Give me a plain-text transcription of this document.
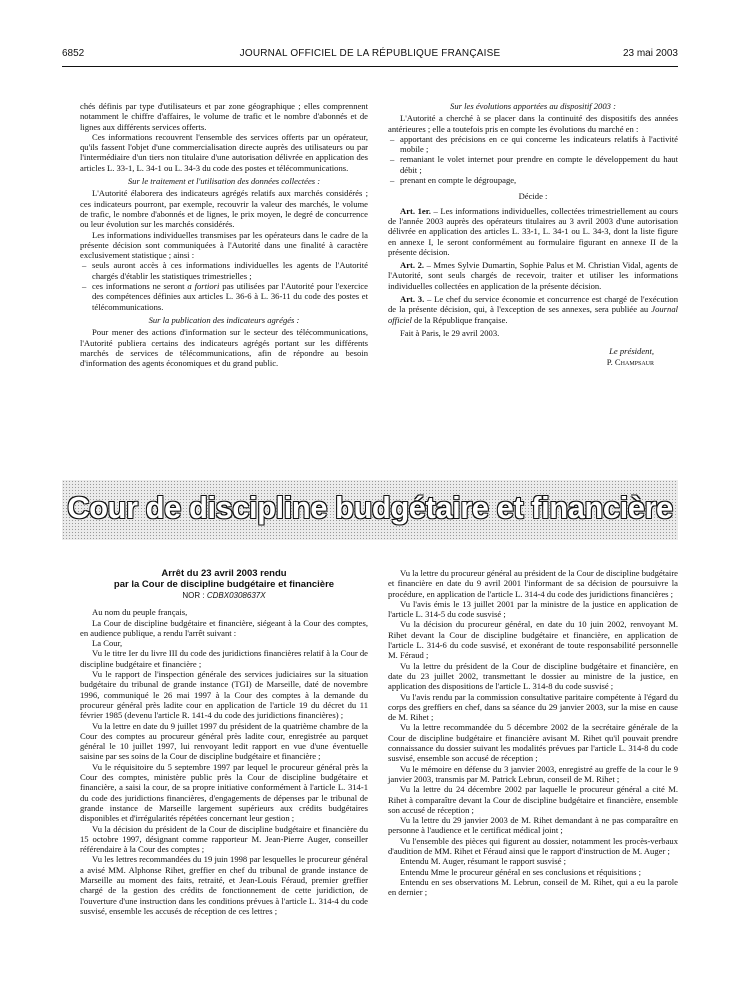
6852	JOURNAL OFFICIEL DE LA RÉPUBLIQUE FRANÇAISE	23 mai 2003

chés définis par type d'utilisateurs et par zone géographique ; elles comprennent notamment le chiffre d'affaires, le volume de trafic et le nombre d'abonnés et de lignes aux différents services offerts.

Ces informations recouvrent l'ensemble des services offerts par un opérateur, qu'ils fassent l'objet d'une commercialisation directe auprès des utilisateurs ou par l'intermédiaire d'un tiers non titulaire d'une autorisation délivrée en application des articles L. 33-1, L. 34-1 ou L. 34-3 du code des postes et télécommunications.

Sur le traitement et l'utilisation des données collectées :

L'Autorité élaborera des indicateurs agrégés relatifs aux marchés considérés ; ces indicateurs pourront, par exemple, recouvrir la valeur des marchés, le volume de trafic, le nombre d'abonnés et de lignes, le prix moyen, le degré de concurrence ou leur évolution sur les marchés considérés.

Les informations individuelles transmises par les opérateurs dans le cadre de la présente décision sont communiquées à l'Autorité dans une finalité à caractère exclusivement statistique ; ainsi :

– seuls auront accès à ces informations individuelles les agents de l'Autorité chargés d'établir les statistiques trimestrielles ;
– ces informations ne seront a fortiori pas utilisées par l'Autorité pour l'exercice des compétences définies aux articles L. 36-6 à L. 36-11 du code des postes et télécommunications.

Sur la publication des indicateurs agrégés :

Pour mener des actions d'information sur le secteur des télécommunications, l'Autorité publiera certains des indicateurs agrégés portant sur les différents marchés de services de télécommunications, afin de répondre au besoin d'information des agents économiques et du grand public.

Sur les évolutions apportées au dispositif 2003 :

L'Autorité a cherché à se placer dans la continuité des dispositifs des années antérieures ; elle a toutefois pris en compte les évolutions du marché en :

– apportant des précisions en ce qui concerne les indicateurs relatifs à l'activité mobile ;
– remaniant le volet internet pour prendre en compte le développement du haut débit ;
– prenant en compte le dégroupage,

Décide :

Art. 1er. – Les informations individuelles, collectées trimestriellement au cours de l'année 2003 auprès des opérateurs titulaires au 3 avril 2003 d'une autorisation délivrée en application des articles L. 33-1, L. 34-1 ou L. 34-3, dont la liste figure en annexe I, le seront conformément au formulaire figurant en annexe II de la présente décision.

Art. 2. – Mmes Sylvie Dumartin, Sophie Palus et M. Christian Vidal, agents de l'Autorité, sont seuls chargés de recevoir, traiter et utiliser les informations individuelles collectées en application de la présente décision.

Art. 3. – Le chef du service économie et concurrence est chargé de l'exécution de la présente décision, qui, à l'exception de ses annexes, sera publiée au Journal officiel de la République française.

Fait à Paris, le 29 avril 2003.

Le président,

P. Champsaur

Cour de discipline budgétaire et financière

Arrêt du 23 avril 2003 rendu

par la Cour de discipline budgétaire et financière

NOR : CDBX0308637X

Au nom du peuple français,

La Cour de discipline budgétaire et financière, siégeant à la Cour des comptes, en audience publique, a rendu l'arrêt suivant :

La Cour,

Vu le titre Ier du livre III du code des juridictions financières relatif à la Cour de discipline budgétaire et financière ;

Vu le rapport de l'inspection générale des services judiciaires sur la situation budgétaire du tribunal de grande instance (TGI) de Marseille, daté de novembre 1996, communiqué le 26 mai 1997 à la Cour des comptes à la demande du procureur général près ladite cour en application de l'article 19 du décret du 11 février 1985 (devenu l'article R. 141-4 du code des juridictions financières) ;

Vu la lettre en date du 9 juillet 1997 du président de la quatrième chambre de la Cour des comptes au procureur général près ladite cour, enregistrée au parquet général le 10 juillet 1997, lui renvoyant ledit rapport en vue d'une éventuelle saisine par ses soins de la Cour de discipline budgétaire et financière ;

Vu le réquisitoire du 5 septembre 1997 par lequel le procureur général près la Cour des comptes, ministère public près la Cour de discipline budgétaire et financière, a saisi la cour, de sa propre initiative conformément à l'article L. 314-1 du code des juridictions financières, d'engagements de dépenses par le tribunal de grande instance de Marseille largement supérieurs aux crédits budgétaires disponibles et d'irrégularités répétées concernant leur gestion ;

Vu la décision du président de la Cour de discipline budgétaire et financière du 15 octobre 1997, désignant comme rapporteur M. Jean-Pierre Auger, conseiller référendaire à la Cour des comptes ;

Vu les lettres recommandées du 19 juin 1998 par lesquelles le procureur général a avisé MM. Alphonse Rihet, greffier en chef du tribunal de grande instance de Marseille au moment des faits, retraité, et Jean-Louis Féraud, premier greffier chargé de la gestion des crédits de fonctionnement de cette juridiction, de l'ouverture d'une instruction dans les conditions prévues à l'article L. 314-4 du code susvisé, ensemble les accusés de réception de ces lettres ;

Vu la lettre du procureur général au président de la Cour de discipline budgétaire et financière en date du 9 avril 2001 l'informant de sa décision de poursuivre la procédure, en application de l'article L. 314-4 du code des juridictions financières ;

Vu l'avis émis le 13 juillet 2001 par la ministre de la justice en application de l'article L. 314-5 du code susvisé ;

Vu la décision du procureur général, en date du 10 juin 2002, renvoyant M. Rihet devant la Cour de discipline budgétaire et financière, en application de l'article L. 314-6 du code susvisé, et exonérant de toute responsabilité personnelle M. Féraud ;

Vu la lettre du président de la Cour de discipline budgétaire et financière, en date du 23 juillet 2002, transmettant le dossier au ministre de la justice, en application des dispositions de l'article L. 314-8 du code susvisé ;

Vu l'avis rendu par la commission consultative paritaire compétente à l'égard du corps des greffiers en chef, dans sa séance du 29 janvier 2003, sur la mise en cause de M. Rihet ;

Vu la lettre recommandée du 5 décembre 2002 de la secrétaire générale de la Cour de discipline budgétaire et financière avisant M. Rihet qu'il pouvait prendre connaissance du dossier suivant les modalités prévues par l'article L. 314-8 du code susvisé, ensemble son accusé de réception ;

Vu le mémoire en défense du 3 janvier 2003, enregistré au greffe de la cour le 9 janvier 2003, transmis par M. Patrick Lebrun, conseil de M. Rihet ;

Vu la lettre du 24 décembre 2002 par laquelle le procureur général a cité M. Rihet à comparaître devant la Cour de discipline budgétaire et financière, ensemble son accusé de réception ;

Vu la lettre du 29 janvier 2003 de M. Rihet demandant à ne pas comparaître en personne à l'audience et le certificat médical joint ;

Vu l'ensemble des pièces qui figurent au dossier, notamment les procès-verbaux d'audition de MM. Rihet et Féraud ainsi que le rapport d'instruction de M. Auger ;

Entendu M. Auger, résumant le rapport susvisé ;

Entendu Mme le procureur général en ses conclusions et réquisitions ;

Entendu en ses observations M. Lebrun, conseil de M. Rihet, qui a eu la parole en dernier ;
